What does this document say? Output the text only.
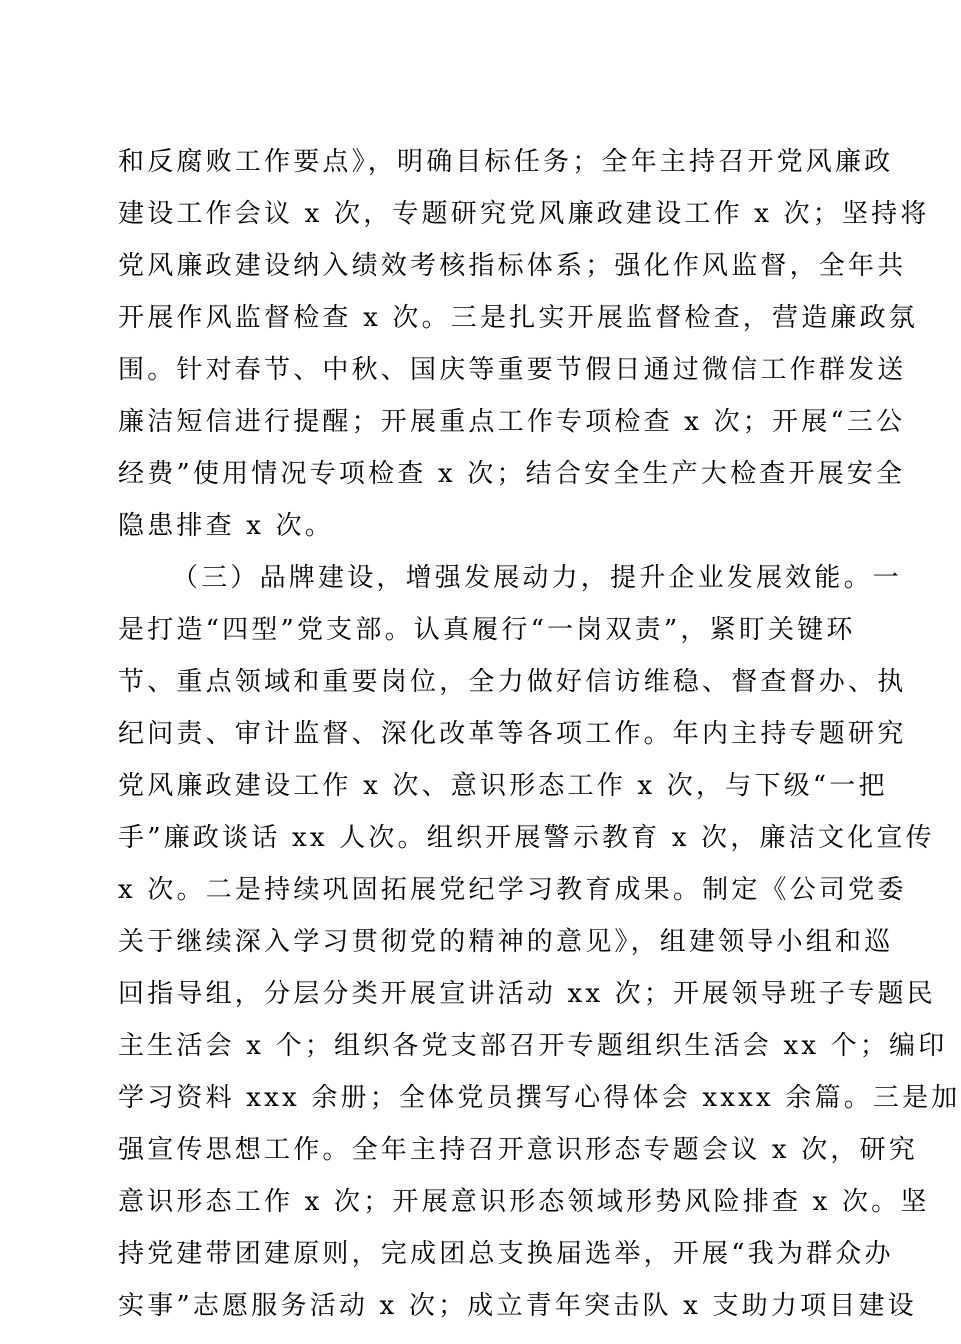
和反腐败工作要点》，明确目标任务；全年主持召开党风廉政
建设工作会议 x 次，专题研究党风廉政建设工作 x 次；坚持将
党风廉政建设纳入绩效考核指标体系；强化作风监督，全年共
开展作风监督检查 x 次。三是扎实开展监督检查，营造廉政氛
围。针对春节、中秋、国庆等重要节假日通过微信工作群发送
廉洁短信进行提醒；开展重点工作专项检查 x 次；开展“三公
经费”使用情况专项检查 x 次；结合安全生产大检查开展安全
隐患排查 x 次。
（三）品牌建设，增强发展动力，提升企业发展效能。一
是打造“四型”党支部。认真履行“一岗双责”，紧盯关键环
节、重点领域和重要岗位，全力做好信访维稳、督查督办、执
纪问责、审计监督、深化改革等各项工作。年内主持专题研究
党风廉政建设工作 x 次、意识形态工作 x 次，与下级“一把
手”廉政谈话 xx 人次。组织开展警示教育 x 次，廉洁文化宣传
x 次。二是持续巩固拓展党纪学习教育成果。制定《公司党委
关于继续深入学习贯彻党的精神的意见》，组建领导小组和巡
回指导组，分层分类开展宣讲活动 xx 次；开展领导班子专题民
主生活会 x 个；组织各党支部召开专题组织生活会 xx 个；编印
学习资料 xxx 余册；全体党员撰写心得体会 xxxx 余篇。三是加
强宣传思想工作。全年主持召开意识形态专题会议 x 次，研究
意识形态工作 x 次；开展意识形态领域形势风险排查 x 次。坚
持党建带团建原则，完成团总支换届选举，开展“我为群众办
实事”志愿服务活动 x 次；成立青年突击队 x 支助力项目建设
